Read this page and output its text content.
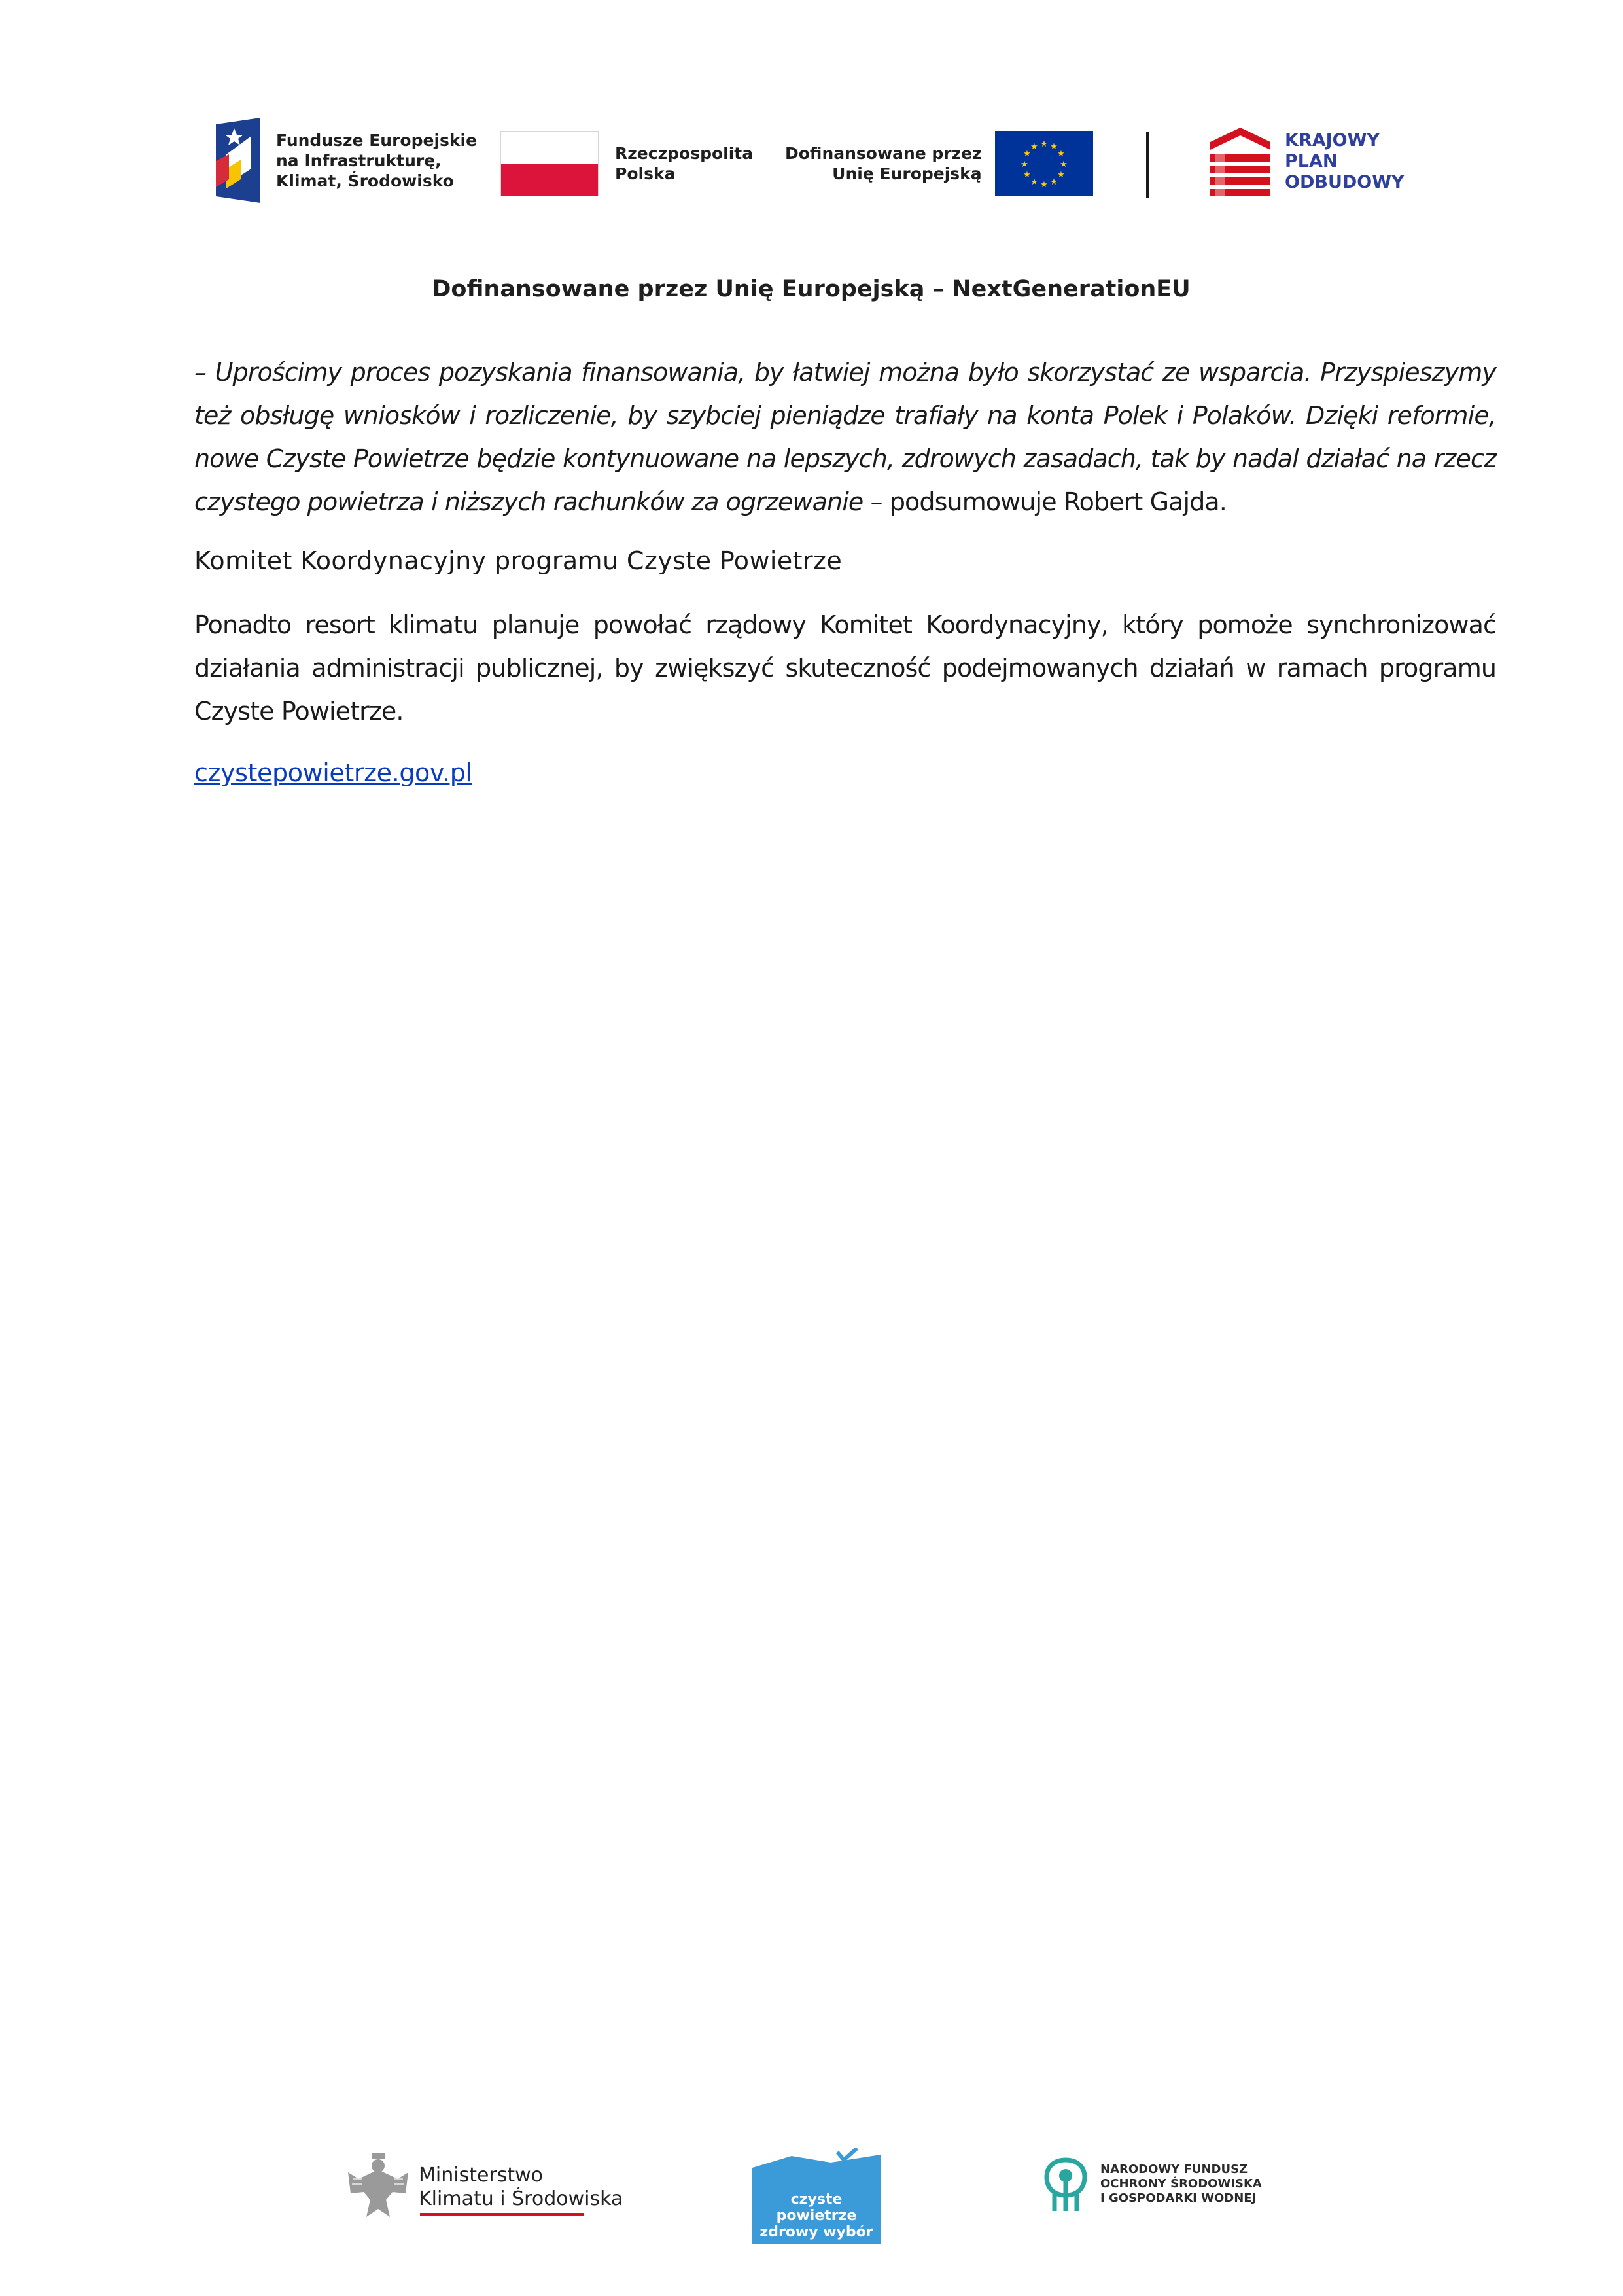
Fundusze Europejskie
na Infrastrukturę,
Klimat, Środowisko
Rzeczpospolita
Polska
Dofinansowane przez
Unię Europejską
★ ★
★
★
★
★
★
★
★
★
★
★	KRAJOWY
PLAN
ODBUDOWY
Dofinansowane przez Unię Europejską – NextGenerationEU

– Uprościmy proces pozyskania finansowania, by łatwiej można było skorzystać ze wsparcia. Przyspieszymy też obsługę wniosków i rozliczenie, by szybciej pieniądze trafiały na konta Polek i Polaków. Dzięki reformie, nowe Czyste Powietrze będzie kontynuowane na lepszych, zdrowych zasadach, tak by nadal działać na rzecz czystego powietrza i niższych rachunków za ogrzewanie – podsumowuje Robert Gajda.

Komitet Koordynacyjny programu Czyste Powietrze

Ponadto resort klimatu planuje powołać rządowy Komitet Koordynacyjny, który pomoże synchronizować działania administracji publicznej, by zwiększyć skuteczność podejmowanych działań w ramach programu Czyste Powietrze.

czystepowietrze.gov.pl
Ministerstwo
Klimatu i Środowiska	czyste powietrze
zdrowy wybór
NARODOWY FUNDUSZ
OCHRONY ŚRODOWISKA
I GOSPODARKI WODNEJ
